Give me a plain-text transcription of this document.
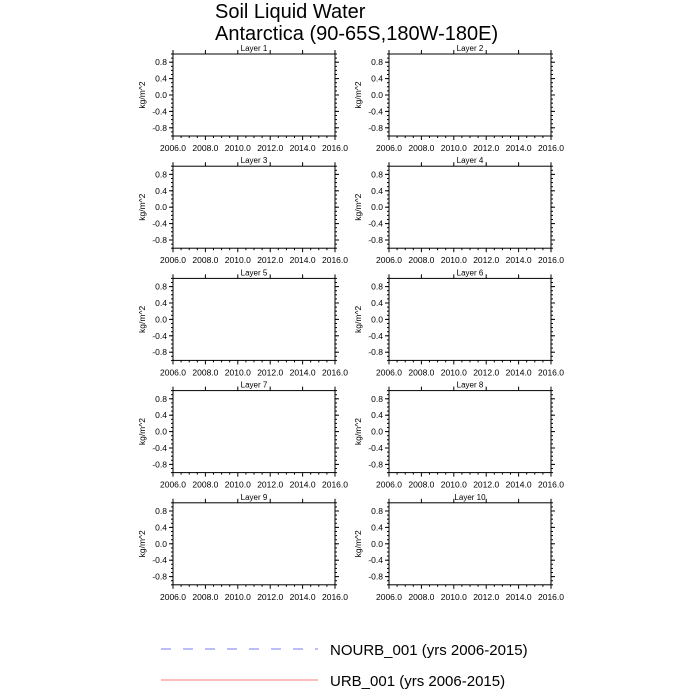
Soil Liquid Water
Antarctica (90-65S,180W-180E)
Layer 1
2006.0 2008.0 2010.0 2012.0 2014.0 2016.0
0.8
0.4
0.0
-0.4
-0.8
kg/m^2
Layer 2
2006.0 2008.0 2010.0 2012.0 2014.0 2016.0
0.8
0.4
0.0
-0.4
-0.8
kg/m^2
Layer 3
2006.0 2008.0 2010.0 2012.0 2014.0 2016.0
0.8
0.4
0.0
-0.4
-0.8
kg/m^2
Layer 4
2006.0 2008.0 2010.0 2012.0 2014.0 2016.0
0.8
0.4
0.0
-0.4
-0.8
kg/m^2
Layer 5
2006.0 2008.0 2010.0 2012.0 2014.0 2016.0
0.8
0.4
0.0
-0.4
-0.8
kg/m^2
Layer 6
2006.0 2008.0 2010.0 2012.0 2014.0 2016.0
0.8
0.4
0.0
-0.4
-0.8
kg/m^2
Layer 7
2006.0 2008.0 2010.0 2012.0 2014.0 2016.0
0.8
0.4
0.0
-0.4
-0.8
kg/m^2
Layer 8
2006.0 2008.0 2010.0 2012.0 2014.0 2016.0
0.8
0.4
0.0
-0.4
-0.8
kg/m^2
Layer 9
2006.0 2008.0 2010.0 2012.0 2014.0 2016.0
0.8
0.4
0.0
-0.4
-0.8
kg/m^2
Layer 10
2006.0 2008.0 2010.0 2012.0 2014.0 2016.0
0.8
0.4
0.0
-0.4
-0.8
kg/m^2
NOURB_001 (yrs 2006-2015)
URB_001 (yrs 2006-2015)
